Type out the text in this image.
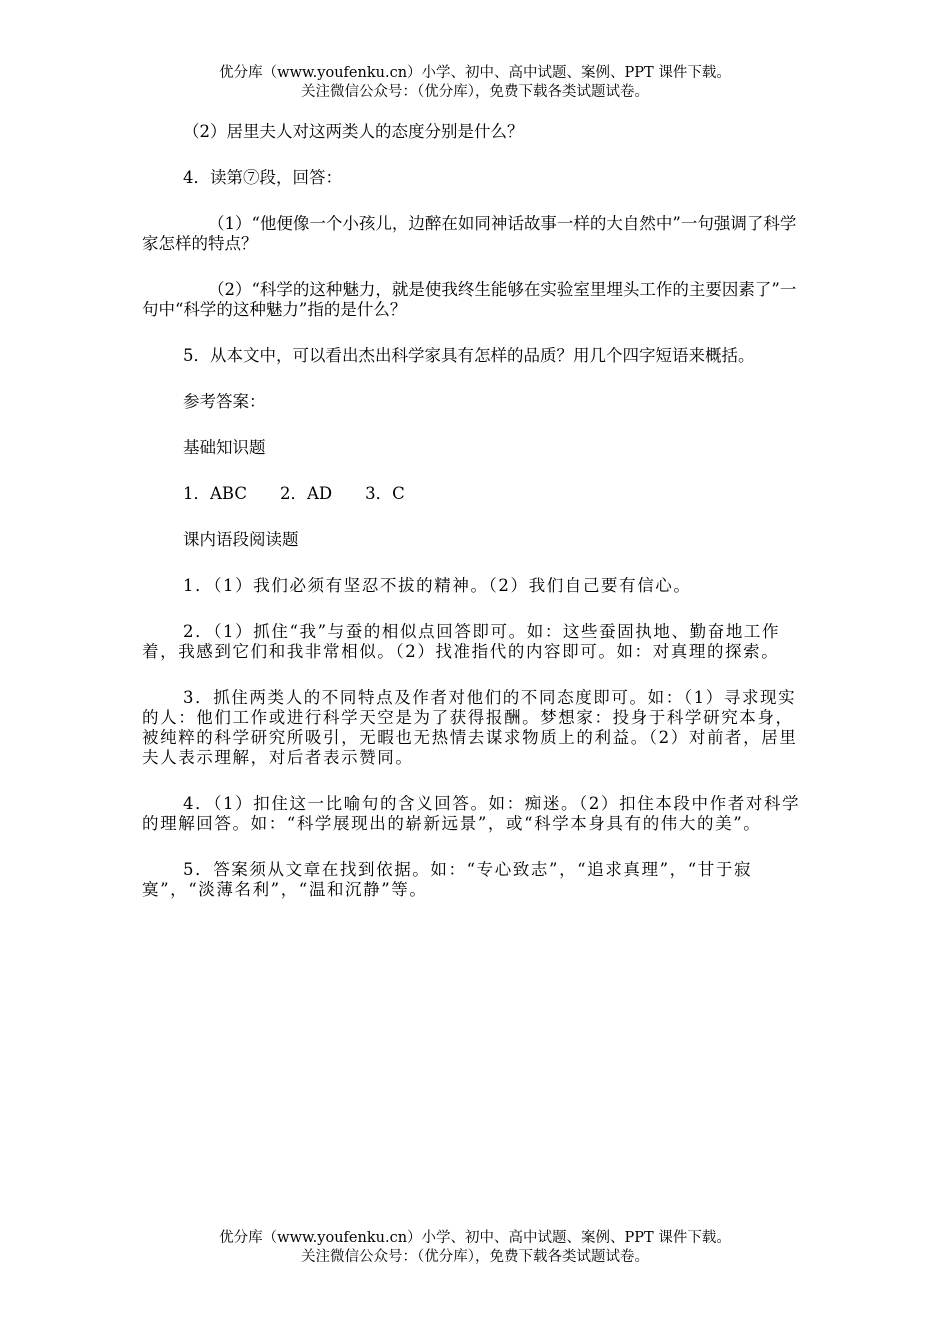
优分库（www.youfenku.cn）小学、初中、高中试题、案例、PPT 课件下载。
关注微信公众号：（优分库），免费下载各类试题试卷。

（2）居里夫人对这两类人的态度分别是什么？

4．读第⑦段，回答：

（1）“他便像一个小孩儿，边醉在如同神话故事一样的大自然中”一句强调了科学家怎样的特点？

（2）“科学的这种魅力，就是使我终生能够在实验室里埋头工作的主要因素了”一句中“科学的这种魅力”指的是什么？

5．从本文中，可以看出杰出科学家具有怎样的品质？用几个四字短语来概括。

参考答案：

基础知识题

1．ABC　　2．AD　　3．C

课内语段阅读题

1．（1）我们必须有坚忍不拔的精神。（2）我们自己要有信心。

2．（1）抓住“我”与蚕的相似点回答即可。如：这些蚕固执地、勤奋地工作着，我感到它们和我非常相似。（2）找准指代的内容即可。如：对真理的探索。

3．抓住两类人的不同特点及作者对他们的不同态度即可。如：（1）寻求现实的人：他们工作或进行科学天空是为了获得报酬。梦想家：投身于科学研究本身，被纯粹的科学研究所吸引，无暇也无热情去谋求物质上的利益。（2）对前者，居里夫人表示理解，对后者表示赞同。

4．（1）扣住这一比喻句的含义回答。如：痴迷。（2）扣住本段中作者对科学的理解回答。如：“科学展现出的崭新远景”，或“科学本身具有的伟大的美”。

5．答案须从文章在找到依据。如：“专心致志”，“追求真理”，“甘于寂寞”，“淡薄名利”，“温和沉静”等。

优分库（www.youfenku.cn）小学、初中、高中试题、案例、PPT 课件下载。
关注微信公众号：（优分库），免费下载各类试题试卷。
